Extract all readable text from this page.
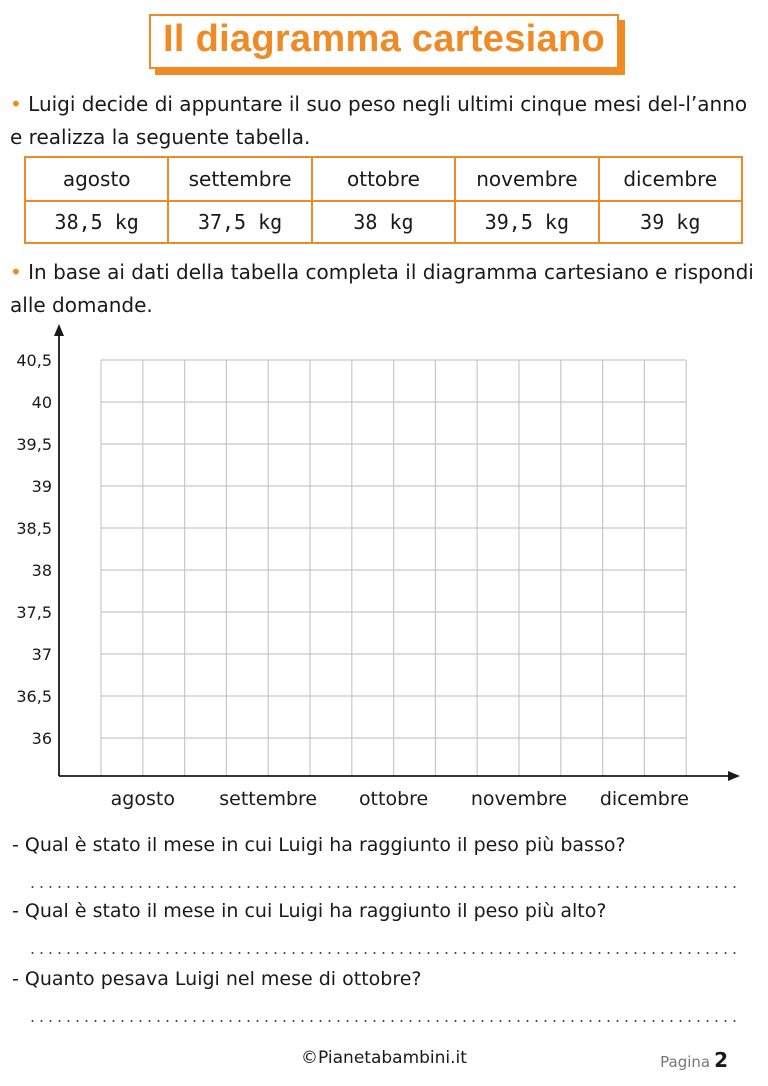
Il diagramma cartesiano
• Luigi decide di appuntare il suo peso negli ultimi cinque mesi del-l’anno e realizza la seguente tabella.
agosto	settembre	ottobre	novembre	dicembre
38,5 kg	37,5 kg	38 kg	39,5 kg	39 kg
• In base ai dati della tabella completa il diagramma cartesiano e rispondi alle domande.
40,5
40
39,5
39
38,5
38
37,5
37
36,5
36
agosto settembre ottobre novembre dicembre
- Qual è stato il mese in cui Luigi ha raggiunto il peso più basso?
- Qual è stato il mese in cui Luigi ha raggiunto il peso più alto?
- Quanto pesava Luigi nel mese di ottobre?
©Pianetabambini.it	Pagina 2
